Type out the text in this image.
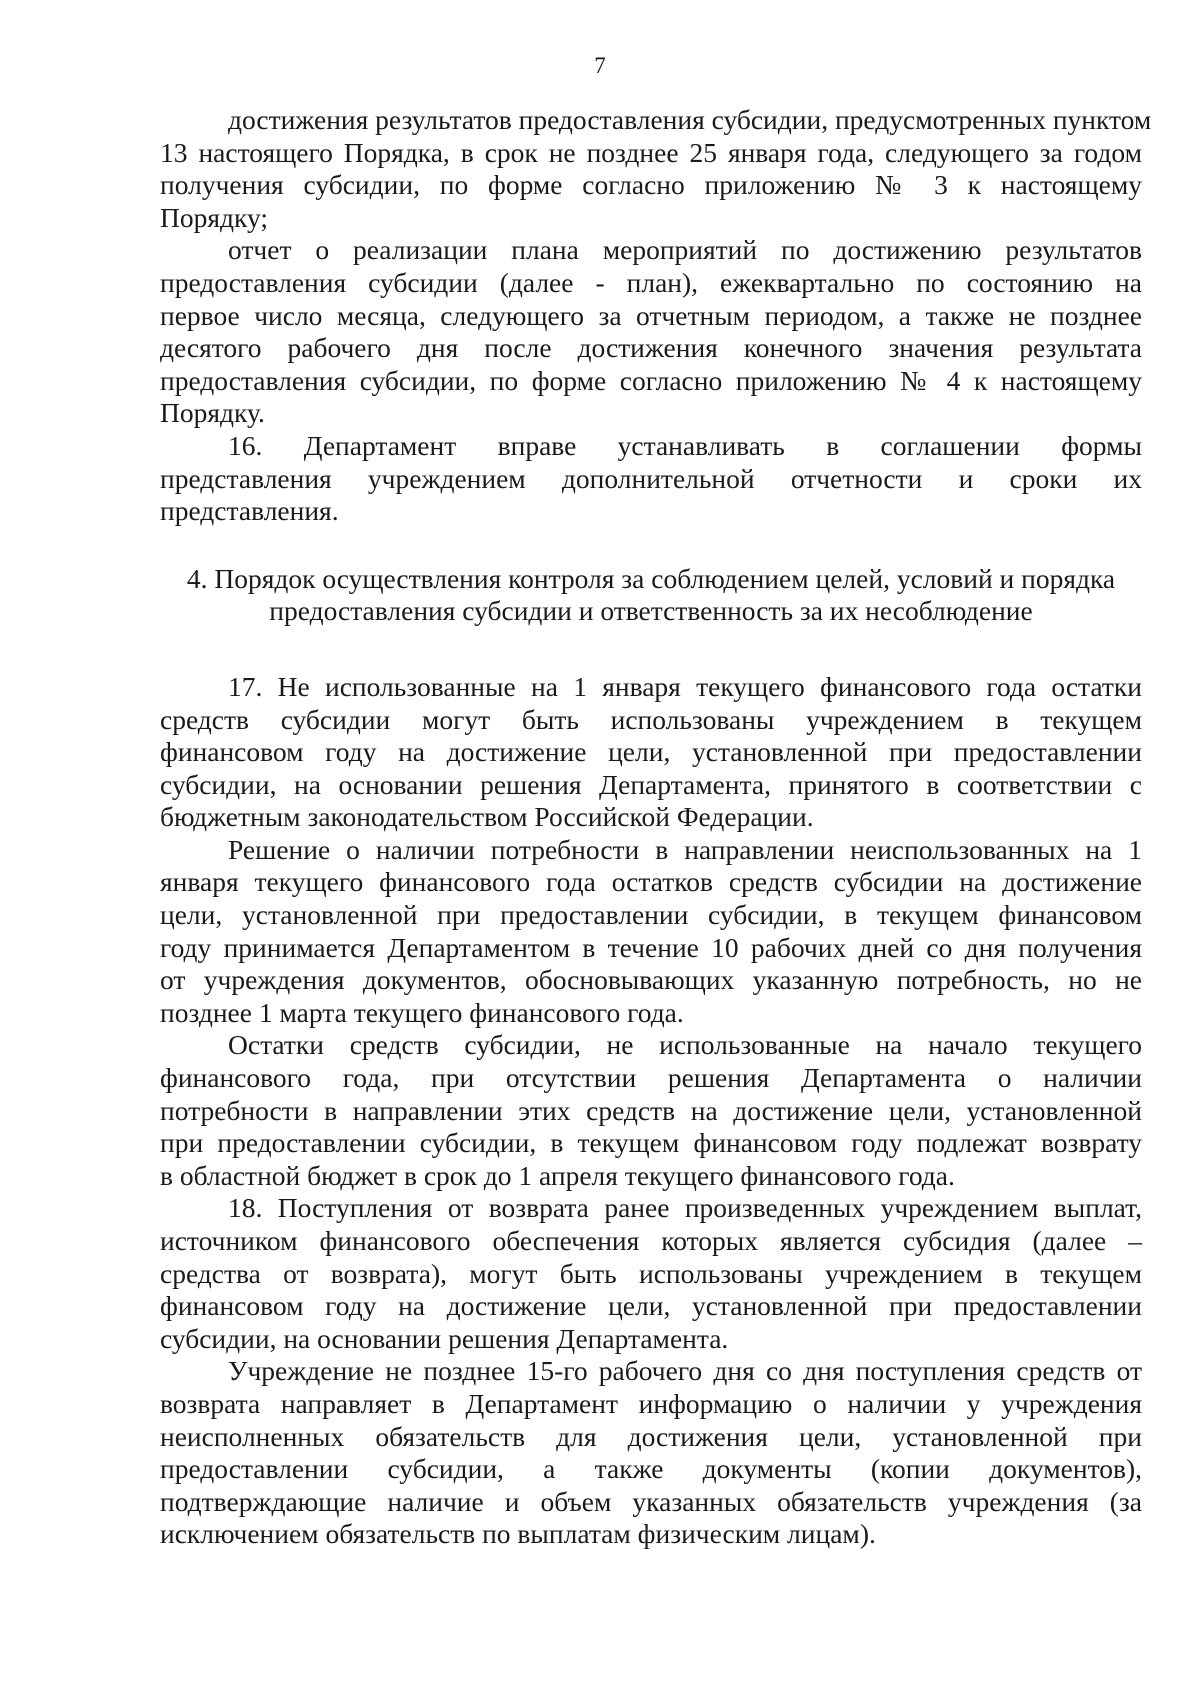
7

достижения результатов предоставления субсидии, предусмотренных пунктом
13 настоящего Порядка, в срок не позднее 25 января года, следующего за годом
получения субсидии, по форме согласно приложению № 3 к настоящему
Порядку;

отчет о реализации плана мероприятий по достижению результатов
предоставления субсидии (далее - план), ежеквартально по состоянию на
первое число месяца, следующего за отчетным периодом, а также не позднее
десятого рабочего дня после достижения конечного значения результата
предоставления субсидии, по форме согласно приложению № 4 к настоящему
Порядку.

16. Департамент вправе устанавливать в соглашении формы
представления учреждением дополнительной отчетности и сроки их
представления.

4. Порядок осуществления контроля за соблюдением целей, условий и порядка
предоставления субсидии и ответственность за их несоблюдение

17. Не использованные на 1 января текущего финансового года остатки
средств субсидии могут быть использованы учреждением в текущем
финансовом году на достижение цели, установленной при предоставлении
субсидии, на основании решения Департамента, принятого в соответствии с
бюджетным законодательством Российской Федерации.

Решение о наличии потребности в направлении неиспользованных на 1
января текущего финансового года остатков средств субсидии на достижение
цели, установленной при предоставлении субсидии, в текущем финансовом
году принимается Департаментом в течение 10 рабочих дней со дня получения
от учреждения документов, обосновывающих указанную потребность, но не
позднее 1 марта текущего финансового года.

Остатки средств субсидии, не использованные на начало текущего
финансового года, при отсутствии решения Департамента о наличии
потребности в направлении этих средств на достижение цели, установленной
при предоставлении субсидии, в текущем финансовом году подлежат возврату
в областной бюджет в срок до 1 апреля текущего финансового года.

18. Поступления от возврата ранее произведенных учреждением выплат,
источником финансового обеспечения которых является субсидия (далее –
средства от возврата), могут быть использованы учреждением в текущем
финансовом году на достижение цели, установленной при предоставлении
субсидии, на основании решения Департамента.

Учреждение не позднее 15-го рабочего дня со дня поступления средств от
возврата направляет в Департамент информацию о наличии у учреждения
неисполненных обязательств для достижения цели, установленной при
предоставлении субсидии, а также документы (копии документов),
подтверждающие наличие и объем указанных обязательств учреждения (за
исключением обязательств по выплатам физическим лицам).
